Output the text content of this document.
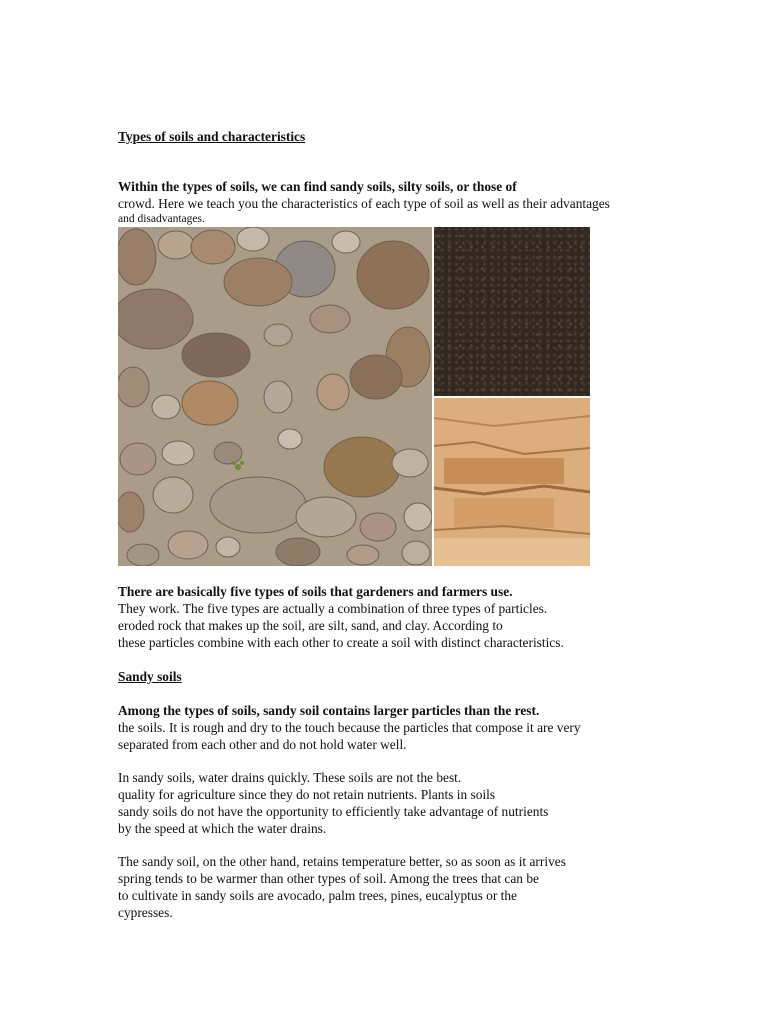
Types of soils and characteristics
Within the types of soils, we can find sandy soils, silty soils, or those of
crowd. Here we teach you the characteristics of each type of soil as well as their advantages
and disadvantages.
There are basically five types of soils that gardeners and farmers use.
They work. The five types are actually a combination of three types of particles.
eroded rock that makes up the soil, are silt, sand, and clay. According to
these particles combine with each other to create a soil with distinct characteristics.
Sandy soils
Among the types of soils, sandy soil contains larger particles than the rest.
the soils. It is rough and dry to the touch because the particles that compose it are very
separated from each other and do not hold water well.
In sandy soils, water drains quickly. These soils are not the best.
quality for agriculture since they do not retain nutrients. Plants in soils
sandy soils do not have the opportunity to efficiently take advantage of nutrients
by the speed at which the water drains.
The sandy soil, on the other hand, retains temperature better, so as soon as it arrives
spring tends to be warmer than other types of soil. Among the trees that can be
to cultivate in sandy soils are avocado, palm trees, pines, eucalyptus or the
cypresses.
